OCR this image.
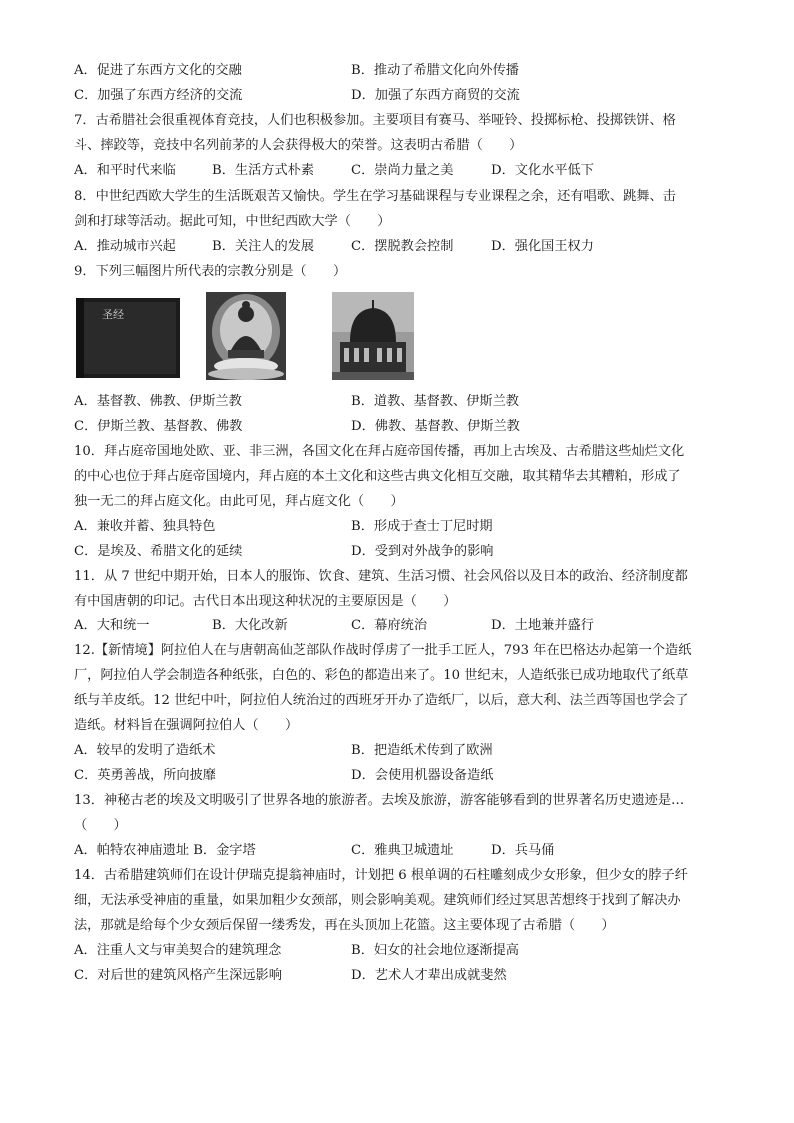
A．促进了东西方文化的交融	B．推动了希腊文化向外传播
C．加强了东西方经济的交流	D．加强了东西方商贸的交流
7．古希腊社会很重视体育竞技，人们也积极参加。主要项目有赛马、举哑铃、投掷标枪、投掷铁饼、格
斗、摔跤等，竞技中名列前茅的人会获得极大的荣誉。这表明古希腊（　　）
A．和平时代来临	B．生活方式朴素	C．崇尚力量之美	D．文化水平低下
8．中世纪西欧大学生的生活既艰苦又愉快。学生在学习基础课程与专业课程之余，还有唱歌、跳舞、击
剑和打球等活动。据此可知，中世纪西欧大学（　　）
A．推动城市兴起	B．关注人的发展	C．摆脱教会控制	D．强化国王权力
9．下列三幅图片所代表的宗教分别是（　　）
圣经
A．基督教、佛教、伊斯兰教	B．道教、基督教、伊斯兰教
C．伊斯兰教、基督教、佛教	D．佛教、基督教、伊斯兰教
10．拜占庭帝国地处欧、亚、非三洲，各国文化在拜占庭帝国传播，再加上古埃及、古希腊这些灿烂文化
的中心也位于拜占庭帝国境内，拜占庭的本土文化和这些古典文化相互交融，取其精华去其糟粕，形成了
独一无二的拜占庭文化。由此可见，拜占庭文化（　　）
A．兼收并蓄、独具特色	B．形成于查士丁尼时期
C．是埃及、希腊文化的延续	D．受到对外战争的影响
11．从 7 世纪中期开始，日本人的服饰、饮食、建筑、生活习惯、社会风俗以及日本的政治、经济制度都
有中国唐朝的印记。古代日本出现这种状况的主要原因是（　　）
A．大和统一	B．大化改新	C．幕府统治	D．土地兼并盛行
12.【新情境】阿拉伯人在与唐朝高仙芝部队作战时俘虏了一批手工匠人，793 年在巴格达办起第一个造纸
厂，阿拉伯人学会制造各种纸张，白色的、彩色的都造出来了。10 世纪末，人造纸张已成功地取代了纸草
纸与羊皮纸。12 世纪中叶，阿拉伯人统治过的西班牙开办了造纸厂，以后，意大利、法兰西等国也学会了
造纸。材料旨在强调阿拉伯人（　　）
A．较早的发明了造纸术	B．把造纸术传到了欧洲
C．英勇善战，所向披靡	D．会使用机器设备造纸
13．神秘古老的埃及文明吸引了世界各地的旅游者。去埃及旅游，游客能够看到的世界著名历史遗迹是…
（　　）
A．帕特农神庙遗址 B．金字塔	C．雅典卫城遗址	D．兵马俑
14．古希腊建筑师们在设计伊瑞克提翁神庙时，计划把 6 根单调的石柱雕刻成少女形象，但少女的脖子纤
细，无法承受神庙的重量，如果加粗少女颈部，则会影响美观。建筑师们经过冥思苦想终于找到了解决办
法，那就是给每个少女颈后保留一缕秀发，再在头顶加上花篮。这主要体现了古希腊（　　）
A．注重人文与审美契合的建筑理念	B．妇女的社会地位逐渐提高
C．对后世的建筑风格产生深远影响	D．艺术人才辈出成就斐然
